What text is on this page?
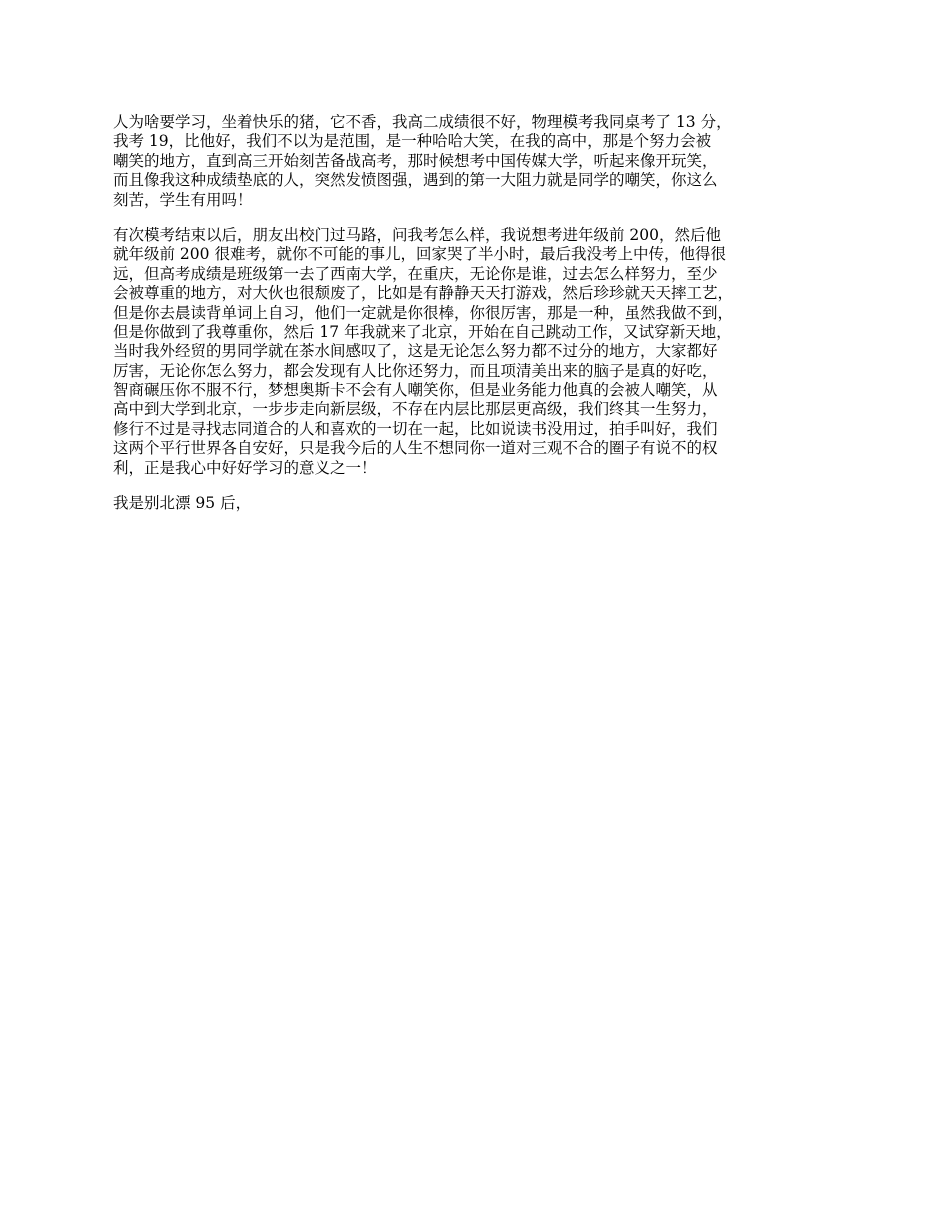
人为啥要学习，坐着快乐的猪，它不香，我高二成绩很不好，物理模考我同桌考了 13 分，
我考 19，比他好，我们不以为是范围，是一种哈哈大笑，在我的高中，那是个努力会被
嘲笑的地方，直到高三开始刻苦备战高考，那时候想考中国传媒大学，听起来像开玩笑，
而且像我这种成绩垫底的人，突然发愤图强，遇到的第一大阻力就是同学的嘲笑，你这么
刻苦，学生有用吗！
有次模考结束以后，朋友出校门过马路，问我考怎么样，我说想考进年级前 200，然后他
就年级前 200 很难考，就你不可能的事儿，回家哭了半小时，最后我没考上中传，他得很
远，但高考成绩是班级第一去了西南大学，在重庆，无论你是谁，过去怎么样努力，至少
会被尊重的地方，对大伙也很颓废了，比如是有静静天天打游戏，然后珍珍就天天摔工艺，
但是你去晨读背单词上自习，他们一定就是你很棒，你很厉害，那是一种，虽然我做不到，
但是你做到了我尊重你，然后 17 年我就来了北京，开始在自己跳动工作，又试穿新天地，
当时我外经贸的男同学就在茶水间感叹了，这是无论怎么努力都不过分的地方，大家都好
厉害，无论你怎么努力，都会发现有人比你还努力，而且项清美出来的脑子是真的好吃，
智商碾压你不服不行，梦想奥斯卡不会有人嘲笑你，但是业务能力他真的会被人嘲笑，从
高中到大学到北京，一步步走向新层级，不存在内层比那层更高级，我们终其一生努力，
修行不过是寻找志同道合的人和喜欢的一切在一起，比如说读书没用过，拍手叫好，我们
这两个平行世界各自安好，只是我今后的人生不想同你一道对三观不合的圈子有说不的权
利，正是我心中好好学习的意义之一！
我是别北漂 95 后，
